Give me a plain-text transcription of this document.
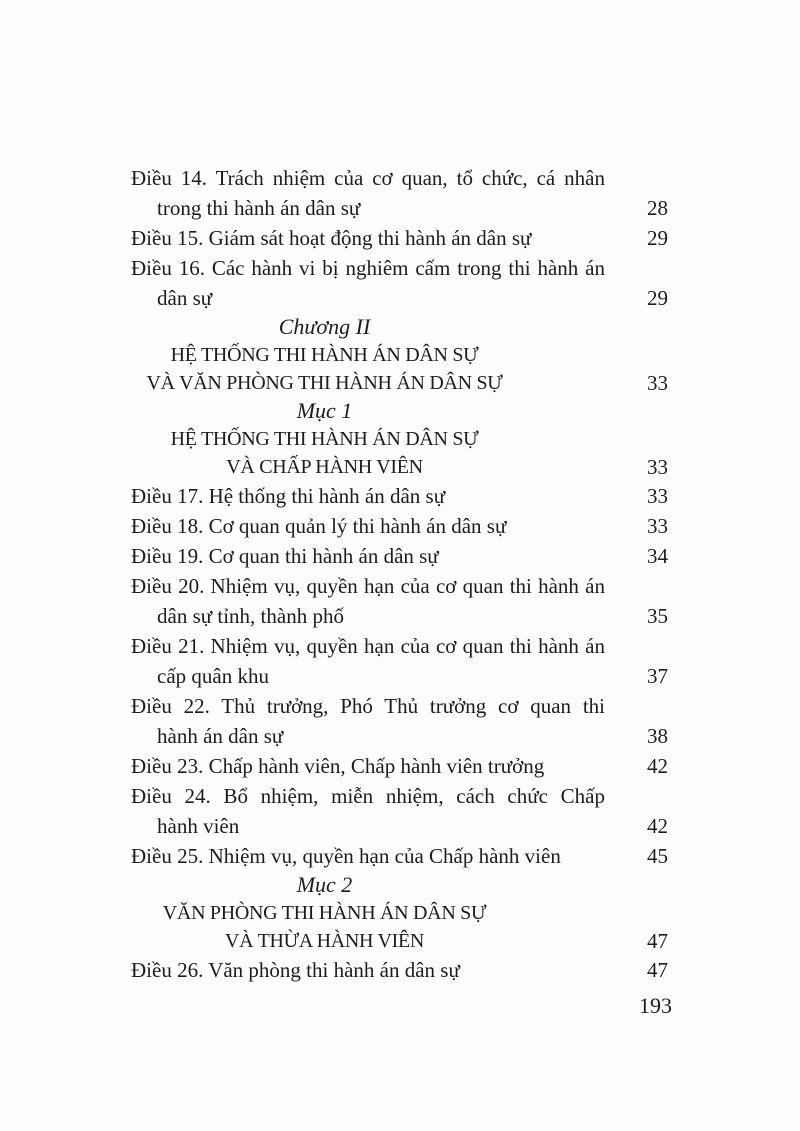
Điều 14. Trách nhiệm của cơ quan, tổ chức, cá nhân
trong thi hành án dân sự	28
Điều 15. Giám sát hoạt động thi hành án dân sự	29
Điều 16. Các hành vi bị nghiêm cấm trong thi hành án
dân sự	29
Chương II
HỆ THỐNG THI HÀNH ÁN DÂN SỰ
VÀ VĂN PHÒNG THI HÀNH ÁN DÂN SỰ	33
Mục 1
HỆ THỐNG THI HÀNH ÁN DÂN SỰ
VÀ CHẤP HÀNH VIÊN	33
Điều 17. Hệ thống thi hành án dân sự	33
Điều 18. Cơ quan quản lý thi hành án dân sự	33
Điều 19. Cơ quan thi hành án dân sự	34
Điều 20. Nhiệm vụ, quyền hạn của cơ quan thi hành án
dân sự tỉnh, thành phố	35
Điều 21. Nhiệm vụ, quyền hạn của cơ quan thi hành án
cấp quân khu	37
Điều 22. Thủ trưởng, Phó Thủ trưởng cơ quan thi
hành án dân sự	38
Điều 23. Chấp hành viên, Chấp hành viên trưởng	42
Điều 24. Bổ nhiệm, miễn nhiệm, cách chức Chấp
hành viên	42
Điều 25. Nhiệm vụ, quyền hạn của Chấp hành viên	45
Mục 2
VĂN PHÒNG THI HÀNH ÁN DÂN SỰ
VÀ THỪA HÀNH VIÊN	47
Điều 26. Văn phòng thi hành án dân sự	47
193
